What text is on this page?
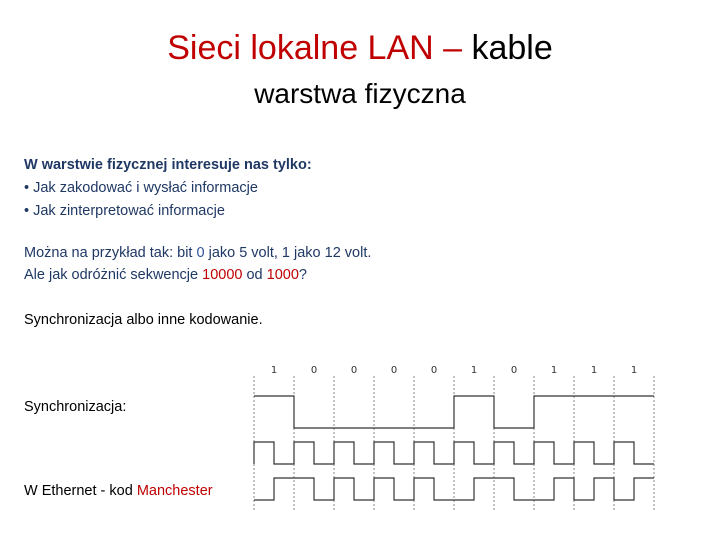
Sieci lokalne LAN – kable
warstwa fizyczna
W warstwie fizycznej interesuje nas tylko:
• Jak zakodować i wysłać informacje
• Jak zinterpretować informacje
Można na przykład tak: bit 0 jako 5 volt, 1 jako 12 volt.
Ale jak odróżnić sekwencje 10000 od 1000?
Synchronizacja albo inne kodowanie.
Synchronizacja:
W Ethernet - kod Manchester
1	0	0	0	0	1	0	1	1	1
